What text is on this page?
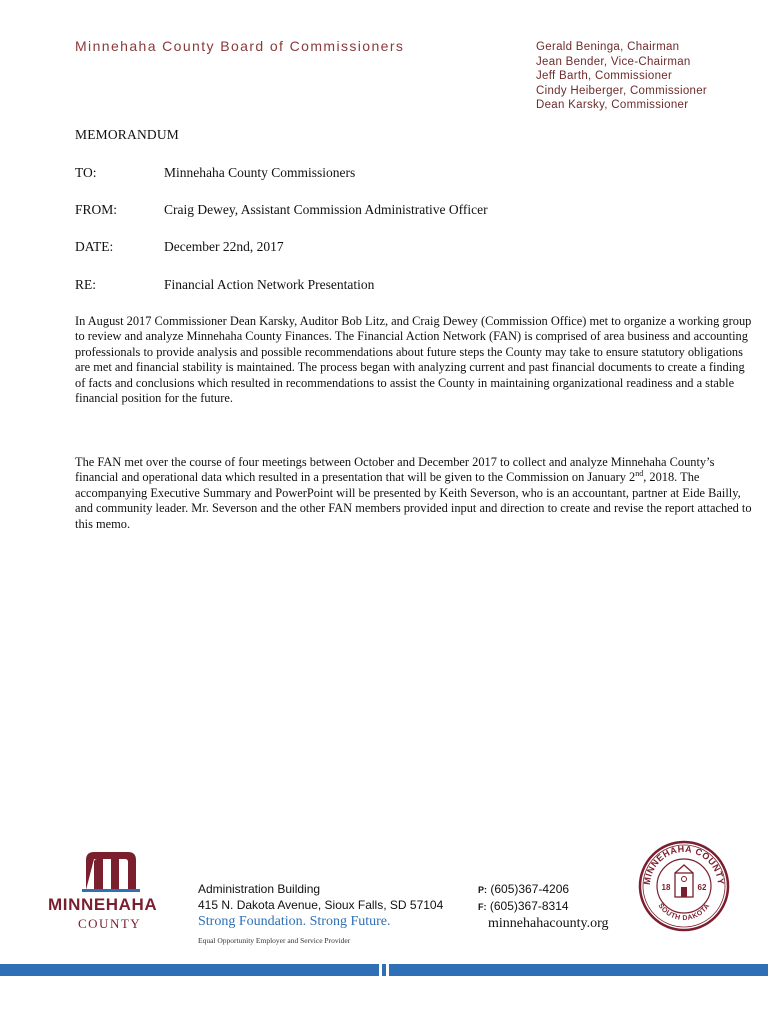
Minnehaha County Board of Commissioners	Gerald Beninga, Chairman
Jean Bender, Vice-Chairman
Jeff Barth, Commissioner
Cindy Heiberger, Commissioner
Dean Karsky, Commissioner
MEMORANDUM
TO:	Minnehaha County Commissioners
FROM:	Craig Dewey, Assistant Commission Administrative Officer
DATE:	December 22nd, 2017
RE:	Financial Action Network Presentation

In August 2017 Commissioner Dean Karsky, Auditor Bob Litz, and Craig Dewey (Commission Office) met to organize a working group to review and analyze Minnehaha County Finances. The Financial Action Network (FAN) is comprised of area business and accounting professionals to provide analysis and possible recommendations about future steps the County may take to ensure statutory obligations are met and financial stability is maintained. The process began with analyzing current and past financial documents to create a finding of facts and conclusions which resulted in recommendations to assist the County in maintaining organizational readiness and a stable financial position for the future.

The FAN met over the course of four meetings between October and December 2017 to collect and analyze Minnehaha County’s financial and operational data which resulted in a presentation that will be given to the Commission on January 2nd, 2018. The accompanying Executive Summary and PowerPoint will be presented by Keith Severson, who is an accountant, partner at Eide Bailly, and community leader. Mr. Severson and the other FAN members provided input and direction to create and revise the report attached to this memo.

MINNEHAHA
COUNTY
Administration Building
415 N. Dakota Avenue, Sioux Falls, SD 57104
Strong Foundation. Strong Future.
Equal Opportunity Employer and Service Provider
P: (605)367-4206
F: (605)367-8314
minnehahacounty.org
MINNEHAHA COUNTY
SOUTH DAKOTA
18	62
